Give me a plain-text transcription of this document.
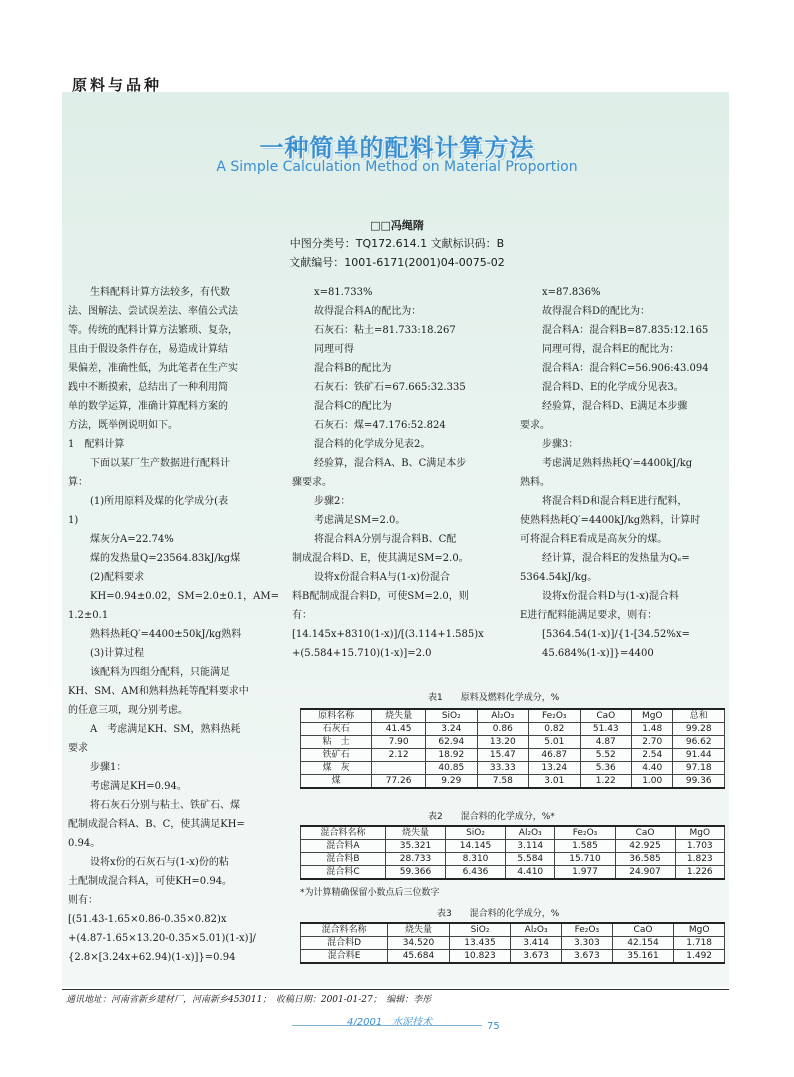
原料与品种
一种简单的配料计算方法
A Simple Calculation Method on Material Proportion
□□冯绳隋
中图分类号：TQ172.614.1 文献标识码：B
文献编号：1001-6171(2001)04-0075-02
生料配料计算方法较多，有代数
法、图解法、尝试误差法、率值公式法
等。传统的配料计算方法繁琐、复杂，
且由于假设条件存在，易造成计算结
果偏差，准确性低，为此笔者在生产实
践中不断摸索，总结出了一种利用简
单的数学运算，准确计算配料方案的
方法，既举例说明如下。
1　配料计算
下面以某厂生产数据进行配料计
算：
(1)所用原料及煤的化学成分(表
1)
煤灰分A=22.74%
煤的发热量Q=23564.83kJ/kg煤
(2)配料要求
KH=0.94±0.02，SM=2.0±0.1，AM=
1.2±0.1
熟料热耗Q′=4400±50kJ/kg熟料
(3)计算过程
该配料为四组分配料，只能满足
KH、SM、AM和熟料热耗等配料要求中
的任意三项，现分别考虑。
A　考虑满足KH、SM，熟料热耗
要求
步骤1：
考虑满足KH=0.94。
将石灰石分别与粘土、铁矿石、煤
配制成混合料A、B、C，使其满足KH=
0.94。
设将x份的石灰石与(1-x)份的粘
土配制成混合料A，可使KH=0.94。
则有：
[(51.43-1.65×0.86-0.35×0.82)x
+(4.87-1.65×13.20-0.35×5.01)(1-x)]/
{2.8×[3.24x+62.94)(1-x)]}=0.94
x=81.733%
故得混合料A的配比为：
石灰石：粘土=81.733:18.267
同理可得
混合料B的配比为
石灰石：铁矿石=67.665:32.335
混合料C的配比为
石灰石：煤=47.176:52.824
混合料的化学成分见表2。
经验算，混合料A、B、C满足本步
骤要求。
步骤2：
考虑满足SM=2.0。
将混合料A分别与混合料B、C配
制成混合料D、E，使其满足SM=2.0。
设将x份混合料A与(1-x)份混合
料B配制成混合料D，可使SM=2.0，则
有：
[14.145x+8310(1-x)]/[(3.114+1.585)x
+(5.584+15.710)(1-x)]=2.0
x=87.836%
故得混合料D的配比为：
混合料A：混合料B=87.835:12.165
同理可得，混合料E的配比为：
混合料A：混合料C=56.906:43.094
混合料D、E的化学成分见表3。
经验算，混合料D、E满足本步骤
要求。
步骤3：
考虑满足熟料热耗Q′=4400kJ/kg
熟料。
将混合料D和混合料E进行配料，
使熟料热耗Q′=4400kJ/kg熟料，计算时
可将混合料E看成是高灰分的煤。
经计算，混合料E的发热量为Qₑ=
5364.54kJ/kg。
设将x份混合料D与(1-x)混合料
E进行配料能满足要求，则有：
[5364.54(1-x)]/{1-[34.52%x=
45.684%(1-x)]}=4400
表1　　原料及燃料化学成分，%
原料名称	烧失量	SiO₂	Al₂O₃	Fe₂O₃	CaO	MgO	总和
石灰石	41.45	3.24	0.86	0.82	51.43	1.48	99.28
粘　土	7.90	62.94	13.20	5.01	4.87	2.70	96.62
铁矿石	2.12	18.92	15.47	46.87	5.52	2.54	91.44
煤　灰		40.85	33.33	13.24	5.36	4.40	97.18
煤	77.26	9.29	7.58	3.01	1.22	1.00	99.36
表2　　混合料的化学成分，%*
混合料名称	烧失量	SiO₂	Al₂O₃	Fe₂O₃	CaO	MgO
混合料A	35.321	14.145	3.114	1.585	42.925	1.703
混合料B	28.733	8.310	5.584	15.710	36.585	1.823
混合料C	59.366	6.436	4.410	1.977	24.907	1.226
*为计算精确保留小数点后三位数字
表3　　混合料的化学成分，%
混合料名称	烧失量	SiO₂	Al₂O₃	Fe₂O₃	CaO	MgO
混合料D	34.520	13.435	3.414	3.303	42.154	1.718
混合料E	45.684	10.823	3.673	3.673	35.161	1.492
通讯地址：河南省新乡建材厂，河南新乡453011；　收稿日期：2001-01-27；　编辑：李彤
4/2001　水泥技术	75
